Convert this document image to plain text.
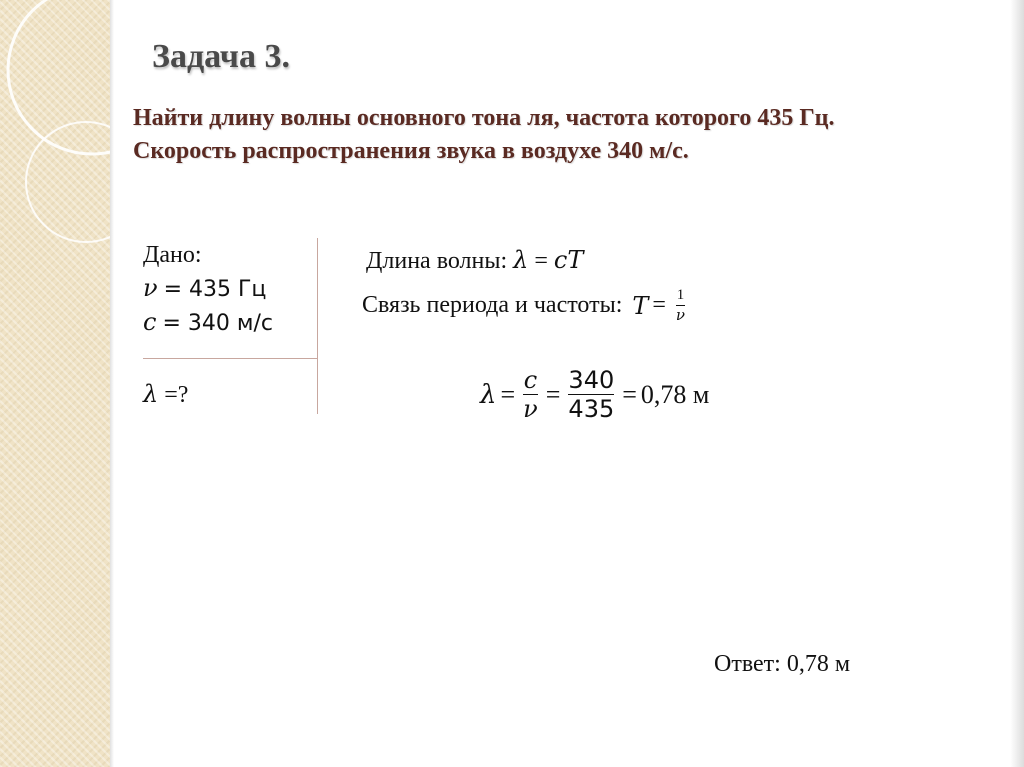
Задача 3.
Найти длину волны основного тона ля, частота которого 435 Гц.
Скорость распространения звука в воздухе 340 м/с.
Дано:
ν = 435 Гц
c = 340 м/с
λ =?
Длина волны: λ = cT
Связь периода и частоты: $T = \frac{1}{\nu}$
$\lambda = \frac{c}{\nu} = \frac{340}{435} = 0,78$ м
Ответ: 0,78 м
